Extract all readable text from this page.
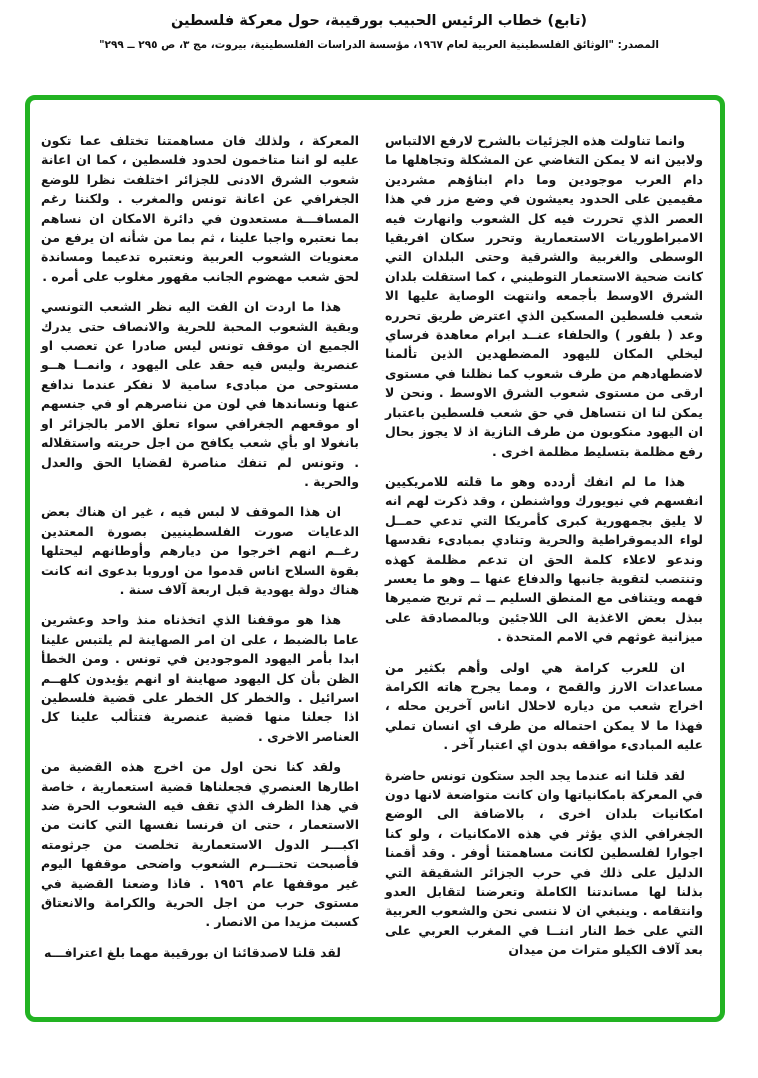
(تابع) خطاب الرئيس الحبيب بورقيبة، حول معركة فلسطين
المصدر: "الوثائق الفلسطينية العربية لعام ١٩٦٧، مؤسسة الدراسات الفلسطينية، بيروت، مج ٣، ص ٢٩٥ ــ ٢٩٩"

وانما تناولت هذه الجزئيات بالشرح لارفع الالتباس ولابين انه لا يمكن التغاضي عن المشكلة وتجاهلها ما دام العرب موجودين وما دام ابناؤهم مشردين مقيمين على الحدود يعيشون في وضع مزر في هذا العصر الذي تحررت فيه كل الشعوب وانهارت فيه الامبراطوريات الاستعمارية وتحرر سكان افريقيا الوسطى والغربية والشرقية وحتى البلدان التي كانت ضحية الاستعمار التوطيني ، كما استقلت بلدان الشرق الاوسط بأجمعه وانتهت الوصاية عليها الا شعب فلسطين المسكين الذي اعترض طريق تحرره وعد ( بلفور ) والحلفاء عنــد ابرام معاهدة فرساي ليخلي المكان لليهود المضطهدين الذين تألمنا لاضطهادهم من طرف شعوب كما نظلنا في مستوى ارقى من مستوى شعوب الشرق الاوسط . ونحن لا يمكن لنا ان نتساهل في حق شعب فلسطين باعتبار ان اليهود منكوبون من طرف النازية اذ لا يجوز بحال رفع مظلمة بتسليط مظلمة اخرى .

هذا ما لم انفك أردده وهو ما قلته للامريكيين انفسهم في نيويورك وواشنطن ، وقد ذكرت لهم انه لا يليق بجمهورية كبرى كأمريكا التي تدعي حمــل لواء الديموقراطية والحرية وتنادي بمبادىء نقدسها وندعو لاعلاء كلمة الحق ان تدعم مظلمة كهذه وتنتصب لتقوية جانبها والدفاع عنها ــ وهو ما يعسر فهمه ويتنافى مع المنطق السليم ــ ثم تريح ضميرها ببذل بعض الاغذية الى اللاجئين وبالمصادقة على ميزانية غوثهم في الامم المتحدة .

ان للعرب كرامة هي اولى وأهم بكثير من مساعدات الارز والقمح ، ومما يجرح هاته الكرامة اخراج شعب من دياره لاحلال اناس آخرين محله ، فهذا ما لا يمكن احتماله من طرف اي انسان تملي عليه المبادىء مواقفه بدون اي اعتبار آخر .

لقد قلنا انه عندما يجد الجد ستكون تونس حاضرة في المعركة بامكانياتها وان كانت متواضعة لانها دون امكانيات بلدان اخرى ، بالاضافة الى الوضع الجغرافي الذي يؤثر في هذه الامكانيات ، ولو كنا اجوارا لفلسطين لكانت مساهمتنا أوفر . وقد أقمنا الدليل على ذلك في حرب الجزائر الشقيقة التي بذلنا لها مساندتنا الكاملة وتعرضنا لتقابل العدو وانتقامه . وينبغي ان لا ننسى نحن والشعوب العربية التي على خط النار اننــا في المغرب العربي على بعد آلاف الكيلو مترات من ميدان

المعركة ، ولذلك فان مساهمتنا تختلف عما تكون عليه لو اننا متاخمون لحدود فلسطين ، كما ان اعانة شعوب الشرق الادنى للجزائر اختلفت نظرا للوضع الجغرافي عن اعانة تونس والمغرب . ولكننا رغم المسافـــة مستعدون في دائرة الامكان ان نساهم بما نعتبره واجبا علينا ، ثم بما من شأنه ان يرفع من معنويات الشعوب العربية ونعتبره تدعيما ومساندة لحق شعب مهضوم الجانب مقهور مغلوب على أمره .

هذا ما اردت ان الفت اليه نظر الشعب التونسي وبقية الشعوب المحبة للحرية والانصاف حتى يدرك الجميع ان موقف تونس ليس صادرا عن تعصب او عنصرية وليس فيه حقد على اليهود ، وانمــا هــو مستوحى من مبادىء سامية لا نفكر عندما ندافع عنها ونساندها في لون من نناصرهم او في جنسهم او موقعهم الجغرافي سواء تعلق الامر بالجزائر او بانغولا او بأي شعب يكافح من اجل حريته واستقلاله . وتونس لم تنفك مناصرة لقضايا الحق والعدل والحرية .

ان هذا الموقف لا لبس فيه ، غير ان هناك بعض الدعايات صورت الفلسطينيين بصورة المعتدين رغــم انهم اخرجوا من ديارهم وأوطانهم ليحتلها بقوة السلاح اناس قدموا من اوروبا بدعوى انه كانت هناك دولة يهودية قبل اربعة آلاف سنة .

هذا هو موقفنا الذي اتخذناه منذ واحد وعشرين عاما بالضبط ، على ان امر الصهاينة لم يلتبس علينا ابدا بأمر اليهود الموجودين في تونس . ومن الخطأ الظن بأن كل اليهود صهاينة او انهم يؤيدون كلهــم اسرائيل . والخطر كل الخطر على قضية فلسطين اذا جعلنا منها قضية عنصرية فتتألب علينا كل العناصر الاخرى .

ولقد كنا نحن اول من اخرج هذه القضية من اطارها العنصري فجعلناها قضية استعمارية ، خاصة في هذا الظرف الذي تقف فيه الشعوب الحرة ضد الاستعمار ، حتى ان فرنسا نفسها التي كانت من اكبـــر الدول الاستعمارية تخلصت من جرثومته فأصبحت تحتـــرم الشعوب واضحى موقفها اليوم غير موقفها عام ١٩٥٦ . فاذا وضعنا القضية في مستوى حرب من اجل الحرية والكرامة والانعتاق كسبت مزيدا من الانصار .

لقد قلنا لاصدقائنا ان بورقيبة مهما بلغ اعترافـــه
